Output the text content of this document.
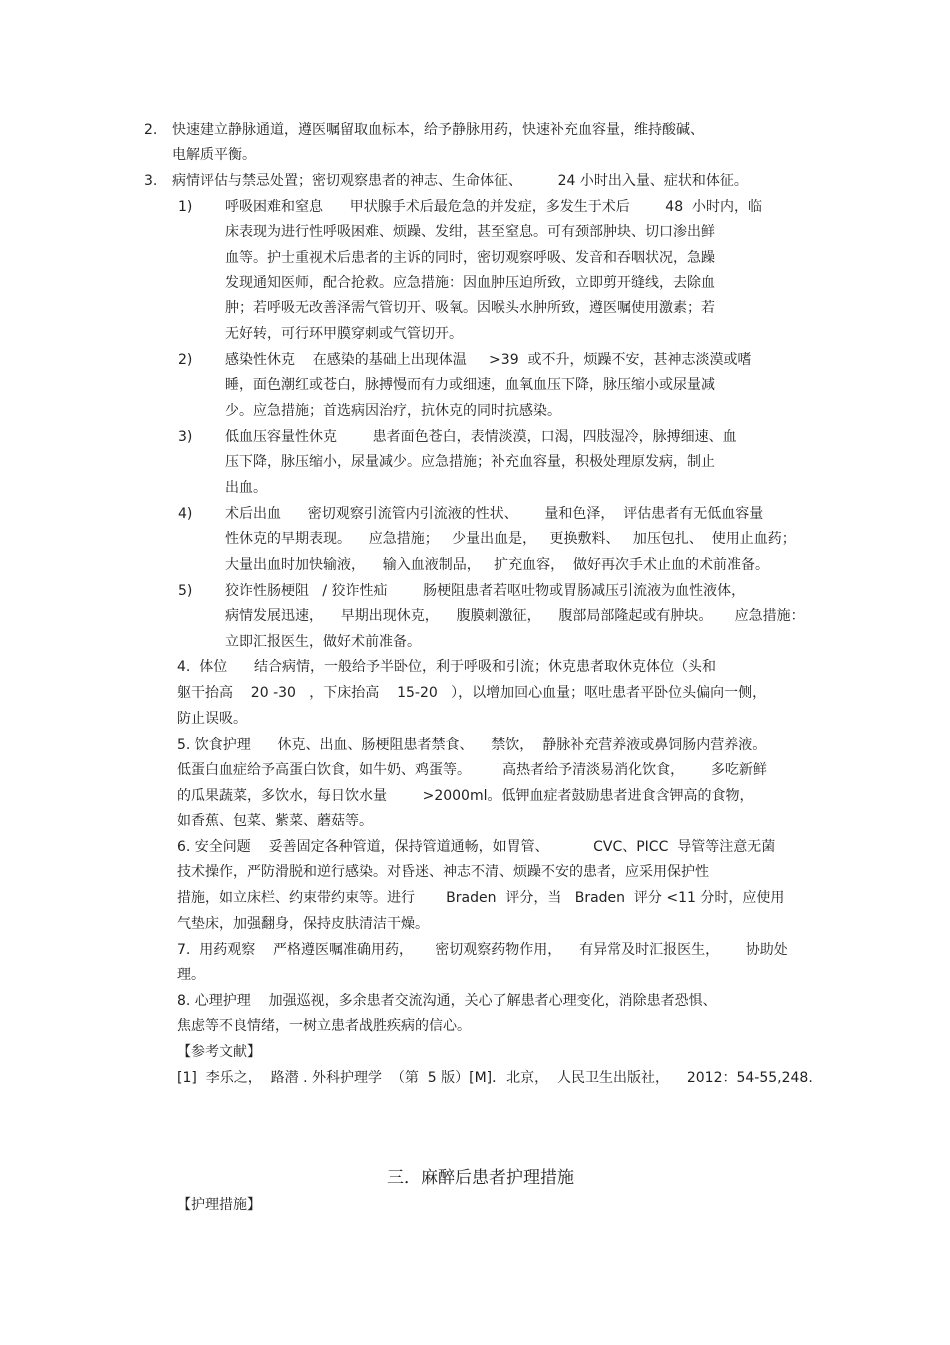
2. 快速建立静脉通道，遵医嘱留取血标本，给予静脉用药，快速补充血容量，维持酸碱、
电解质平衡。
3. 病情评估与禁忌处置；密切观察患者的神志、生命体征、        24 小时出入量、症状和体征。
1) 呼吸困难和窒息      甲状腺手术后最危急的并发症，多发生于术后        48  小时内，临
床表现为进行性呼吸困难、烦躁、发绀，甚至窒息。可有颈部肿块、切口渗出鲜
血等。护士重视术后患者的主诉的同时，密切观察呼吸、发音和吞咽状况，急躁
发现通知医师，配合抢救。应急措施：因血肿压迫所致，立即剪开缝线，去除血
肿；若呼吸无改善泽需气管切开、吸氧。因喉头水肿所致，遵医嘱使用激素；若
无好转，可行环甲膜穿刺或气管切开。
2) 感染性休克    在感染的基础上出现体温     >39  或不升，烦躁不安，甚神志淡漠或嗜
睡，面色潮红或苍白，脉搏慢而有力或细速，血氧血压下降，脉压缩小或尿量减
少。应急措施；首选病因治疗，抗休克的同时抗感染。
3) 低血压容量性休克        患者面色苍白，表情淡漠，口渴，四肢湿冷，脉搏细速、血
压下降，脉压缩小，尿量减少。应急措施；补充血容量，积极处理原发病，制止
出血。
4) 术后出血      密切观察引流管内引流液的性状、      量和色泽，  评估患者有无低血容量
性休克的早期表现。    应急措施；   少量出血是，   更换敷料、   加压包扎、  使用止血药；
大量出血时加快输液，    输入血液制品，   扩充血容，  做好再次手术止血的术前准备。
5) 狡诈性肠梗阻   / 狡诈性疝        肠梗阻患者若呕吐物或胃肠减压引流液为血性液体，
病情发展迅速，    早期出现休克，    腹膜刺激征，    腹部局部隆起或有肿块。     应急措施：
立即汇报医生，做好术前准备。
4.  体位      结合病情，一般给予半卧位，利于呼吸和引流；休克患者取休克体位（头和
躯干抬高    20 -30   ，下床抬高    15-20   ），以增加回心血量；呕吐患者平卧位头偏向一侧，
防止误吸。
5. 饮食护理      休克、出血、肠梗阻患者禁食、    禁饮，  静脉补充营养液或鼻饲肠内营养液。
低蛋白血症给予高蛋白饮食，如牛奶、鸡蛋等。       高热者给予清淡易消化饮食，      多吃新鲜
的瓜果蔬菜，多饮水，每日饮水量        >2000ml。低钾血症者鼓励患者进食含钾高的食物，
如香蕉、包菜、紫菜、蘑菇等。
6. 安全问题    妥善固定各种管道，保持管道通畅，如胃管、          CVC、PICC  导管等注意无菌
技术操作，严防滑脱和逆行感染。对昏迷、神志不清、烦躁不安的患者，应采用保护性
措施，如立床栏、约束带约束等。进行       Braden  评分，当   Braden  评分 <11 分时，应使用
气垫床，加强翻身，保持皮肤清洁干燥。
7.  用药观察    严格遵医嘱准确用药，     密切观察药物作用，    有异常及时汇报医生，      协助处
理。
8. 心理护理    加强巡视，多余患者交流沟通，关心了解患者心理变化，消除患者恐惧、
焦虑等不良情绪，一树立患者战胜疾病的信心。
【参考文献】
[1]  李乐之，  路潜 . 外科护理学  （第  5 版）[M]．北京，  人民卫生出版社，    2012：54-55,248.
三．麻醉后患者护理措施
【护理措施】
